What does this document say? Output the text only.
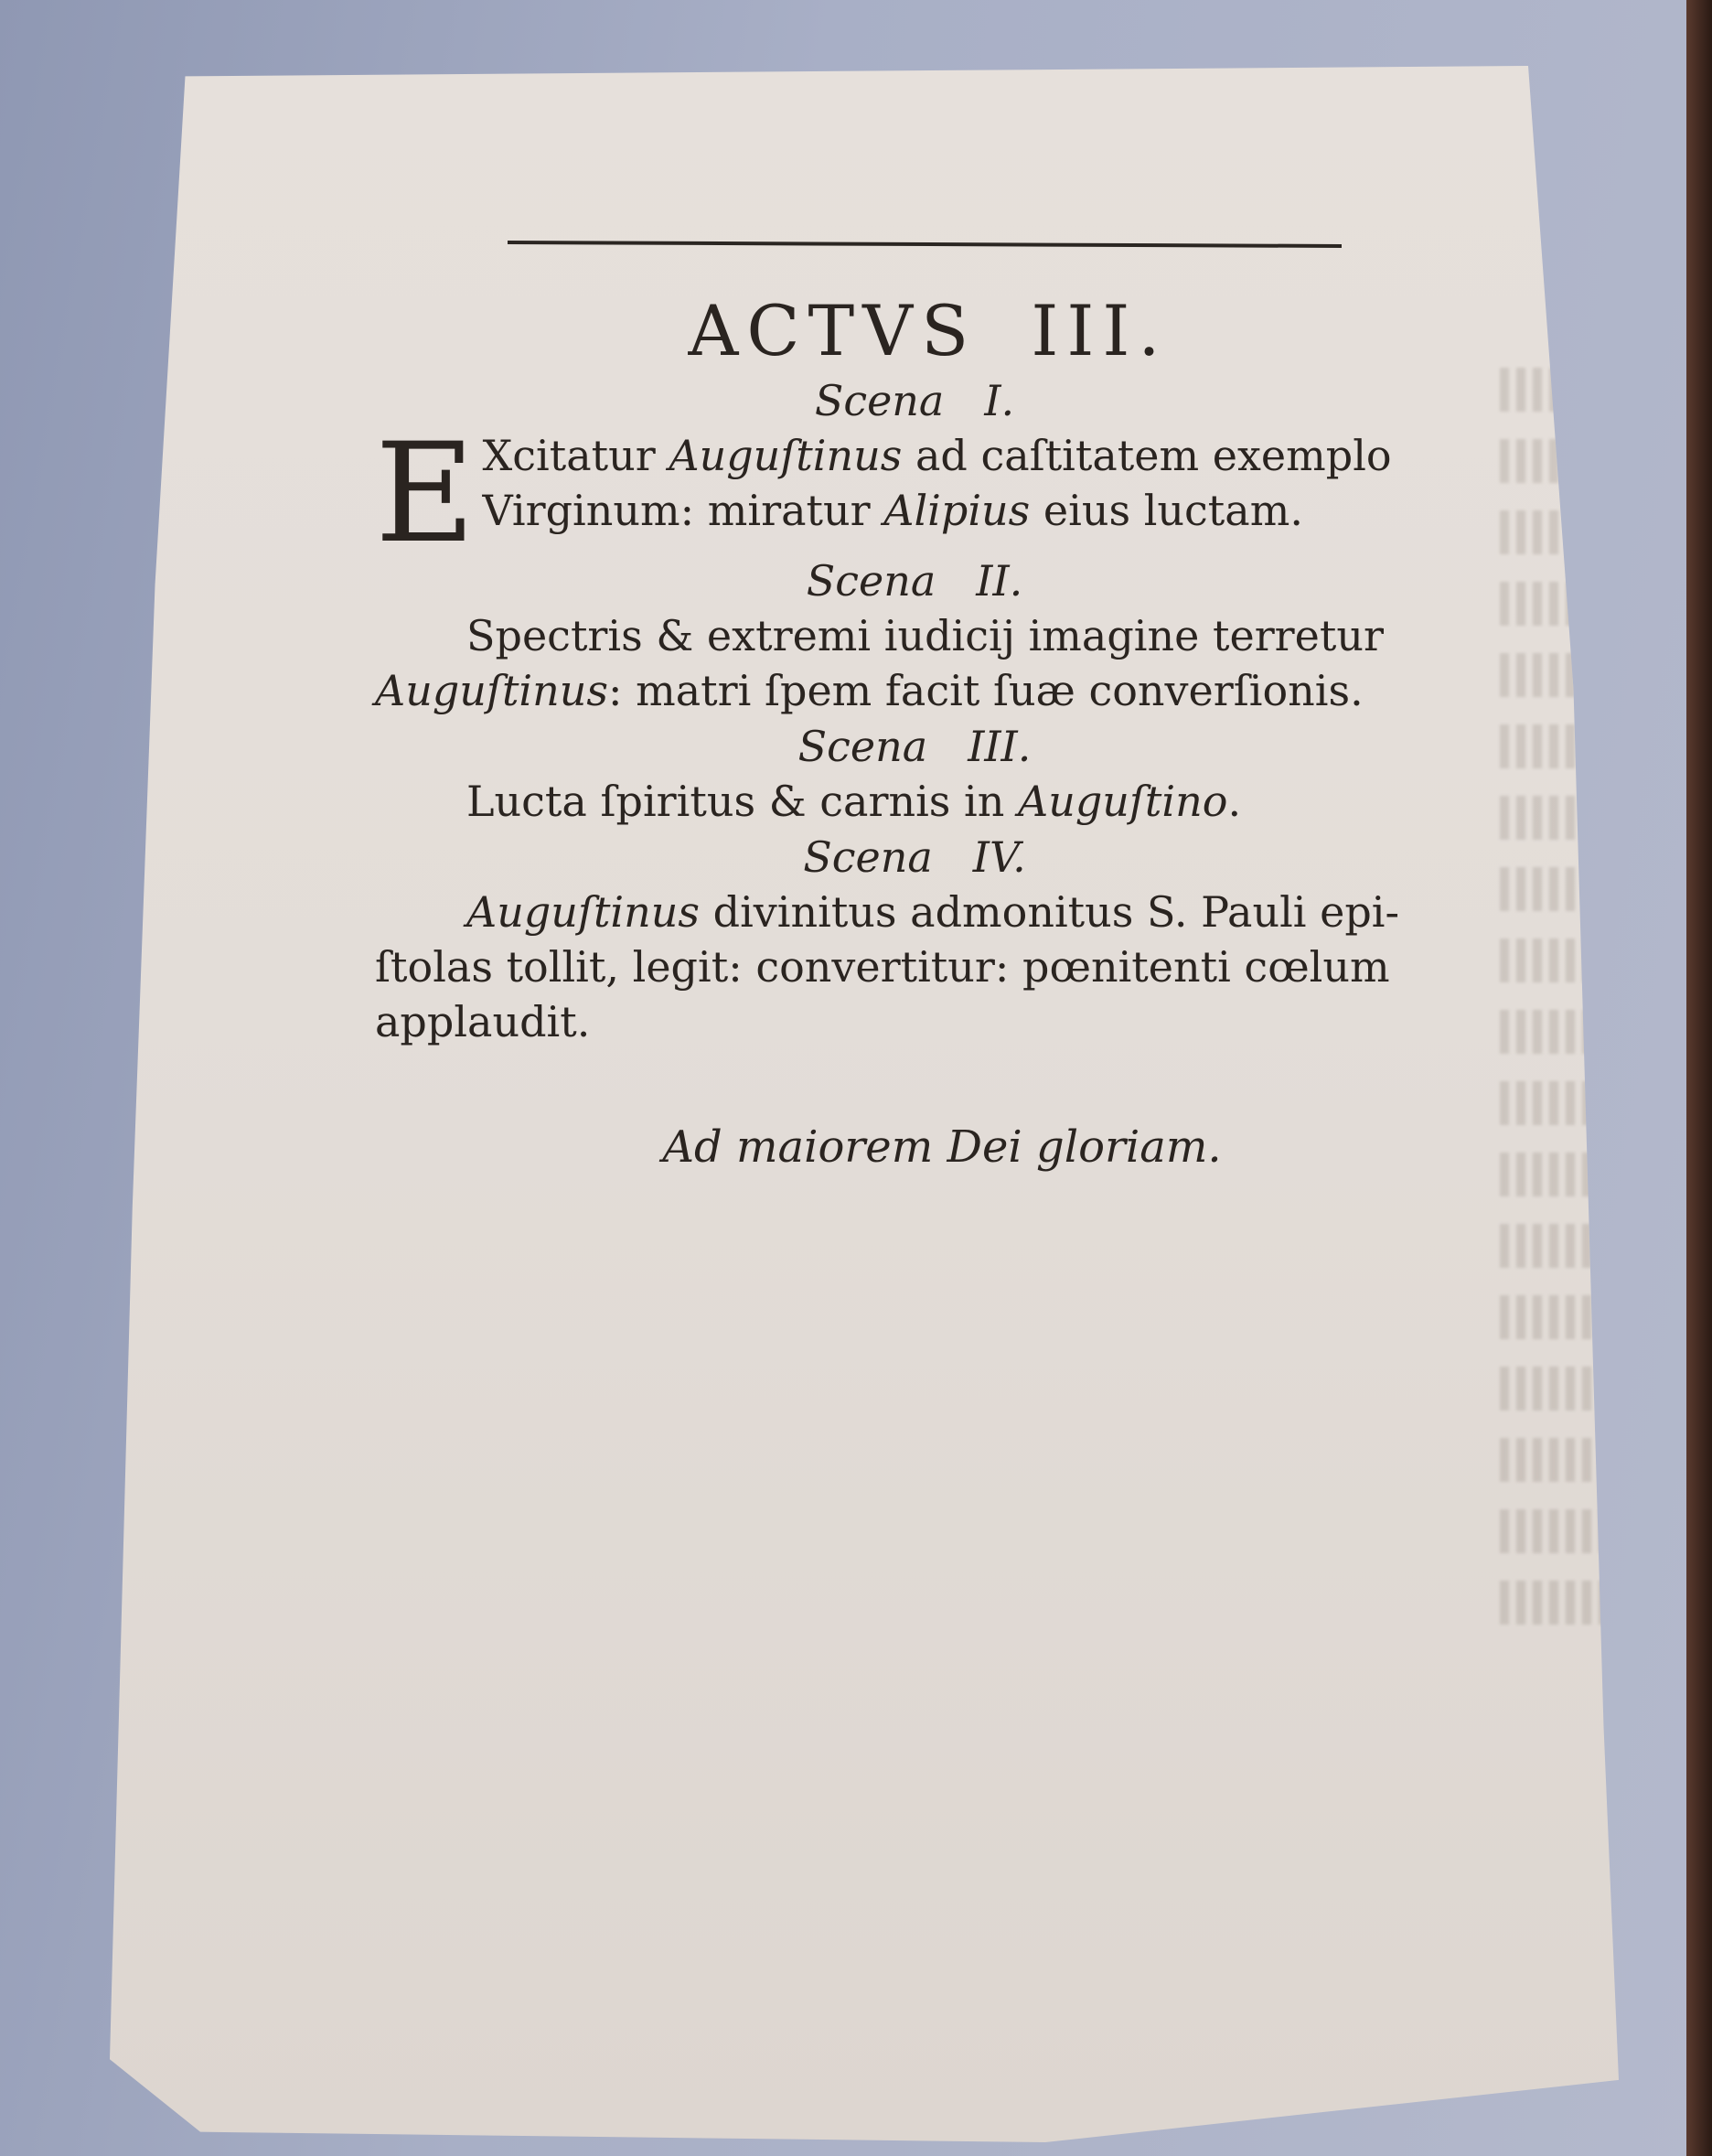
ACTVS III.
Scena I.
E Xcitatur Auguſtinus ad caſtitatem exemplo

Virginum: miratur Alipius eius luctam.

Scena II.

Spectris & extremi iudicij imagine terretur

Auguſtinus: matri ſpem facit ſuæ converſionis.

Scena III.

Lucta ſpiritus & carnis in Auguſtino.

Scena IV.

Auguſtinus divinitus admonitus S. Pauli epi-

ſtolas tollit, legit: convertitur: pœnitenti cœlum

applaudit.

Ad maiorem Dei gloriam.
